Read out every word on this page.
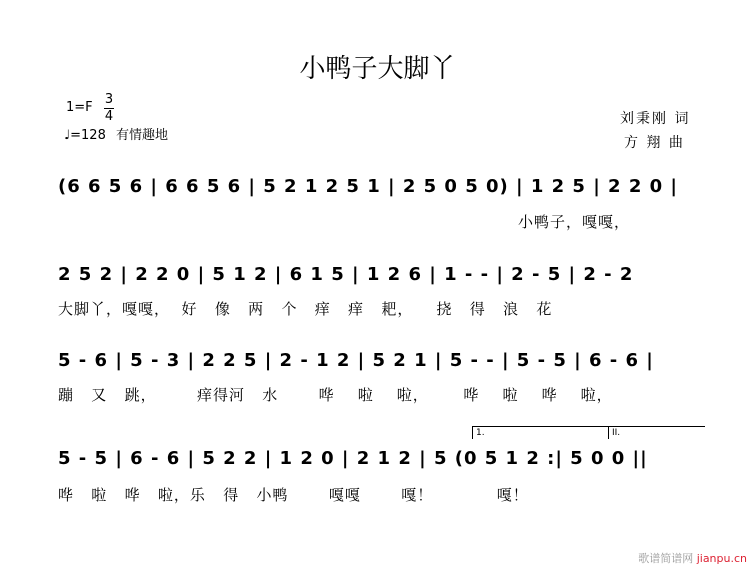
小鸭子大脚丫
1=F
3
4
♩=128 有情趣地
刘秉刚 词
方 翔 曲
(6 6 5 6 | 6 6 5 6 | 5 2 1 2 5 1 | 2 5 0 5 0) | 1 2 5 | 2 2 0 |
小鸭子，嘎嘎，
2 5 2 | 2 2 0 | 5 1 2 | 6 1 5 | 1 2 6 | 1 - - | 2 - 5 | 2 - 2
大脚丫，嘎嘎，  好   像   两   个   痒   痒   耙，    挠   得   浪   花
5 - 6 | 5 - 3 | 2 2 5 | 2 - 1 2 | 5 2 1 | 5 - - | 5 - 5 | 6 - 6 |
蹦   又   跳，       痒得河   水       哗    啦    啦，      哗    啦    哗    啦，
1.	II.
5 - 5 | 6 - 6 | 5 2 2 | 1 2 0 | 2 1 2 | 5 (0 5 1 2 :| 5 0 0 ||
哗   啦   哗   啦，乐   得   小鸭       嘎嘎       嘎！           嘎！
歌谱简谱网 jianpu.cn
